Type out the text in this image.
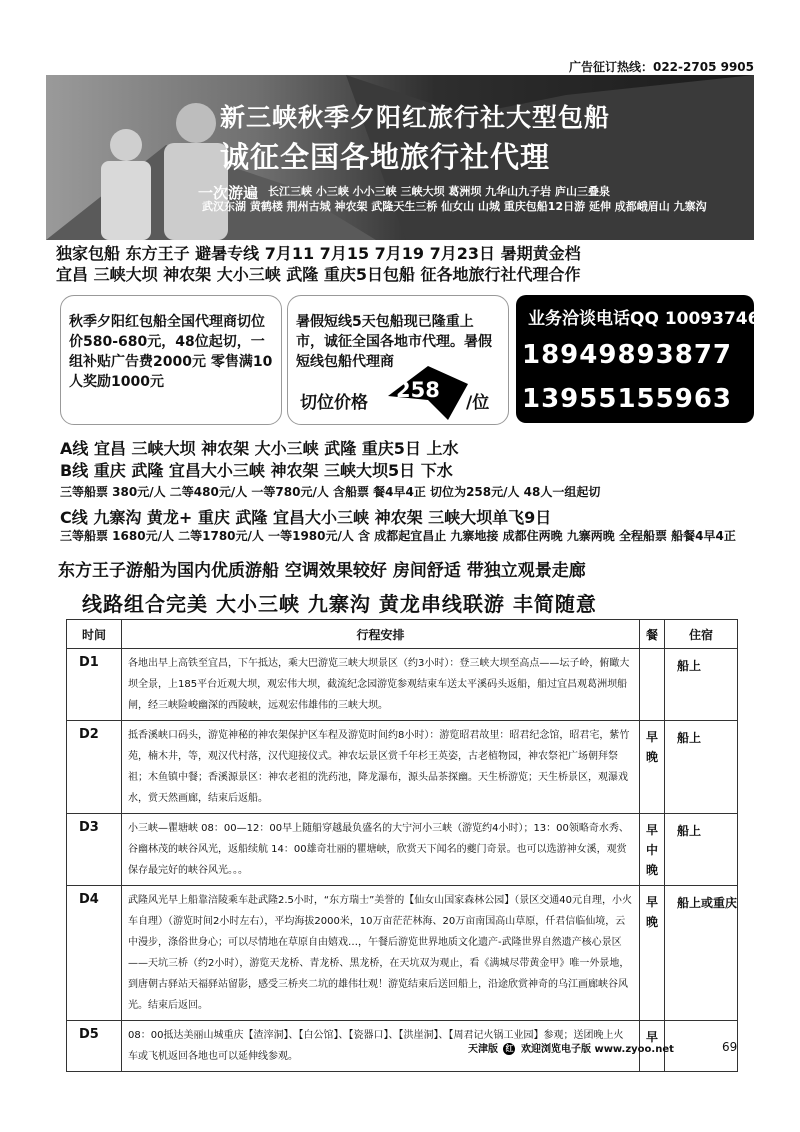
广告征订热线：022-2705 9905
新三峡秋季夕阳红旅行社大型包船
诚征全国各地旅行社代理
一次游遍 长江三峡 小三峡 小小三峡 三峡大坝 葛洲坝 九华山九子岩 庐山三叠泉
武汉东湖 黄鹤楼 荆州古城 神农架 武隆天生三桥 仙女山 山城 重庆包船12日游 延伸 成都峨眉山 九寨沟
独家包船 东方王子 避暑专线 7月11 7月15 7月19 7月23日 暑期黄金档
宜昌 三峡大坝 神农架 大小三峡 武隆 重庆5日包船 征各地旅行社代理合作
秋季夕阳红包船全国代理商切位价580-680元，48位起切，一组补贴广告费2000元 零售满10人奖励1000元
暑假短线5天包船现已隆重上市，诚征全国各地市代理。暑假短线包船代理商
切位价格
258
/位
业务洽谈电话QQ 1009374600
18949893877
13955155963
A线 宜昌 三峡大坝 神农架 大小三峡 武隆 重庆5日 上水
B线 重庆 武隆 宜昌大小三峡 神农架 三峡大坝5日 下水
三等船票 380元/人 二等480元/人 一等780元/人 含船票 餐4早4正 切位为258元/人 48人一组起切
C线 九寨沟 黄龙+ 重庆 武隆 宜昌大小三峡 神农架 三峡大坝单飞9日
三等船票 1680元/人 二等1780元/人 一等1980元/人 含 成都起宜昌止 九寨地接 成都住两晚 九寨两晚 全程船票 船餐4早4正
东方王子游船为国内优质游船 空调效果较好 房间舒适 带独立观景走廊
线路组合完美 大小三峡 九寨沟 黄龙串线联游 丰简随意
时间	行程安排	餐	住宿
D1	各地出早上高铁至宜昌，下午抵达，乘大巴游览三峡大坝景区（约3小时）：登三峡大坝至高点——坛子岭，俯瞰大坝全景，上185平台近观大坝，观宏伟大坝，截流纪念园游览参观结束车送太平溪码头返船，船过宜昌观葛洲坝船闸，经三峡险峻幽深的西陵峡，远观宏伟雄伟的三峡大坝。		船上
D2	抵香溪峡口码头，游览神秘的神农架保护区车程及游览时间约8小时）：游览昭君故里：昭君纪念馆，昭君宅，紫竹苑，楠木井，等，观汉代村落，汉代迎接仪式。神农坛景区赏千年杉王英姿，古老植物园，神农祭祀广场朝拜祭祖；木鱼镇中餐；香溪源景区：神农老祖的洗药池，降龙瀑布，源头品茶探幽。天生桥游览；天生桥景区，观瀑戏水，赏天然画廊，结束后返船。	早晚	船上
D3	小三峡—瞿塘峡 08：00—12：00早上随船穿越最负盛名的大宁河小三峡（游览约4小时）；13：00领略奇水秀、谷幽林茂的峡谷风光，返船续航 14：00雄奇壮丽的瞿塘峡，欣赏天下闻名的夔门奇景。也可以选游神女溪，观赏保存最完好的峡谷风光。。。	早中晚	船上
D4	武隆风光早上船靠涪陵乘车赴武隆2.5小时，“东方瑞士”美誉的【仙女山国家森林公园】（景区交通40元自理，小火车自理）（游览时间2小时左右），平均海拔2000米，10万亩茫茫林海、20万亩南国高山草原，仟君信临仙境，云中漫步，涤俗世身心；可以尽情地在草原自由嬉戏…，午餐后游览世界地质文化遗产-武隆世界自然遗产核心景区——天坑三桥（约2小时），游览天龙桥、青龙桥、黑龙桥，在天坑双为观止，看《满城尽带黄金甲》唯一外景地，到唐朝古驿站天福驿站留影，感受三桥夹二坑的雄伟壮观！游览结束后送回船上，沿途欣赏神奇的乌江画廊峡谷风光。结束后返回。	早晚	船上或重庆
D5	08：00抵达美丽山城重庆【渣滓洞】、【白公馆】、【瓷器口】、【洪崖洞】、【周君记火锅工业园】参观；送团晚上火车或飞机返回各地也可以延伸线参观。	早	
天津版 红 欢迎浏览电子版 www.zyoo.net	69
